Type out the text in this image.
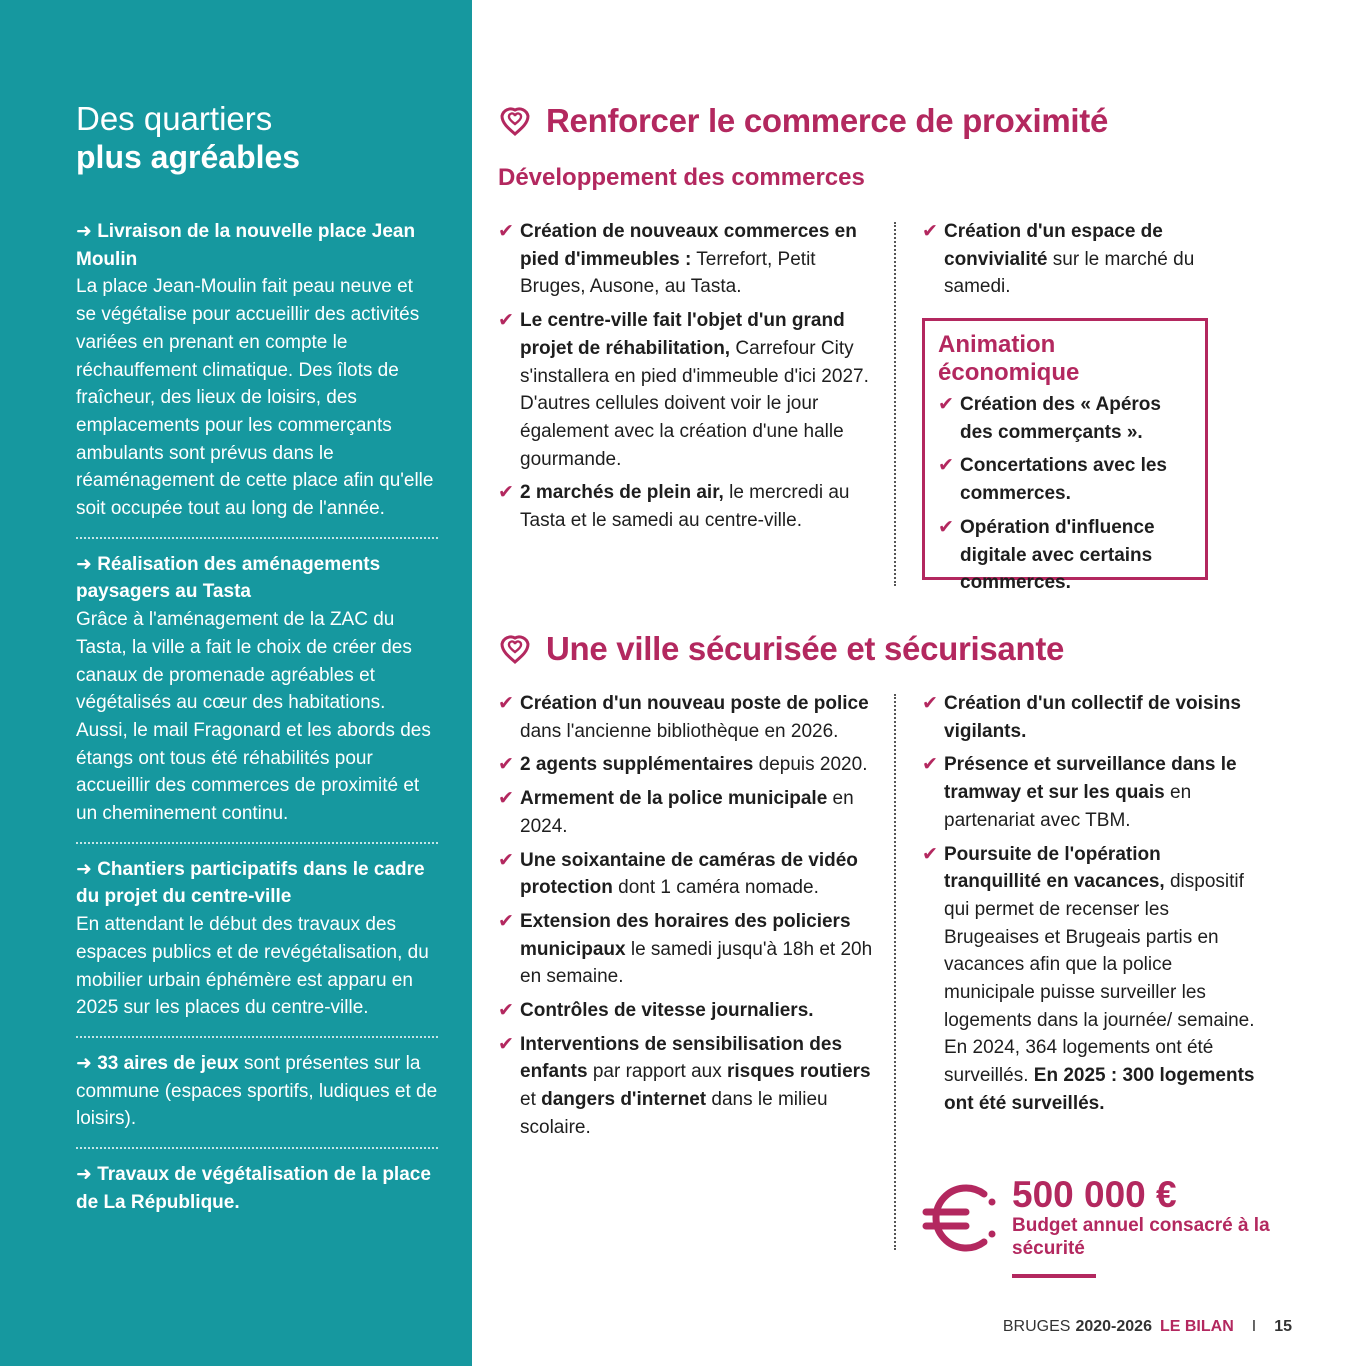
Des quartiers
plus agréables
➜ Livraison de la nouvelle place Jean Moulin
La place Jean-Moulin fait peau neuve et se végétalise pour accueillir des activités variées en prenant en compte le réchauffement climatique. Des îlots de fraîcheur, des lieux de loisirs, des emplacements pour les commerçants ambulants sont prévus dans le réaménagement de cette place afin qu'elle soit occupée tout au long de l'année.
➜ Réalisation des aménagements paysagers au Tasta
Grâce à l'aménagement de la ZAC du Tasta, la ville a fait le choix de créer des canaux de promenade agréables et végétalisés au cœur des habitations. Aussi, le mail Fragonard et les abords des étangs ont tous été réhabilités pour accueillir des commerces de proximité et un cheminement continu.
➜ Chantiers participatifs dans le cadre du projet du centre-ville
En attendant le début des travaux des espaces publics et de revégétalisation, du mobilier urbain éphémère est apparu en 2025 sur les places du centre-ville.
➜ 33 aires de jeux sont présentes sur la commune (espaces sportifs, ludiques et de loisirs).
➜ Travaux de végétalisation de la place de La République.
Renforcer le commerce de proximité
Développement des commerces
✔ Création de nouveaux commerces en pied d'immeubles : Terrefort, Petit Bruges, Ausone, au Tasta.
✔ Le centre-ville fait l'objet d'un grand projet de réhabilitation, Carrefour City s'installera en pied d'immeuble d'ici 2027. D'autres cellules doivent voir le jour également avec la création d'une halle gourmande.
✔ 2 marchés de plein air, le mercredi au Tasta et le samedi au centre-ville.
✔ Création d'un espace de convivialité sur le marché du samedi.
Animation économique
✔ Création des « Apéros des commerçants ».
✔ Concertations avec les commerces.
✔ Opération d'influence digitale avec certains commerces.
Une ville sécurisée et sécurisante
✔ Création d'un nouveau poste de police dans l'ancienne bibliothèque en 2026.
✔ 2 agents supplémentaires depuis 2020.
✔ Armement de la police municipale en 2024.
✔ Une soixantaine de caméras de vidéo protection dont 1 caméra nomade.
✔ Extension des horaires des policiers municipaux le samedi jusqu'à 18h et 20h en semaine.
✔ Contrôles de vitesse journaliers.
✔ Interventions de sensibilisation des enfants par rapport aux risques routiers et dangers d'internet dans le milieu scolaire.
✔ Création d'un collectif de voisins vigilants.
✔ Présence et surveillance dans le tramway et sur les quais en partenariat avec TBM.
✔ Poursuite de l'opération tranquillité en vacances, dispositif qui permet de recenser les Brugeaises et Brugeais partis en vacances afin que la police municipale puisse surveiller les logements dans la journée/ semaine. En 2024, 364 logements ont été surveillés. En 2025 : 300 logements ont été surveillés.
500 000 €
Budget annuel consacré à la sécurité
BRUGES 2020-2026 LE BILAN I 15
